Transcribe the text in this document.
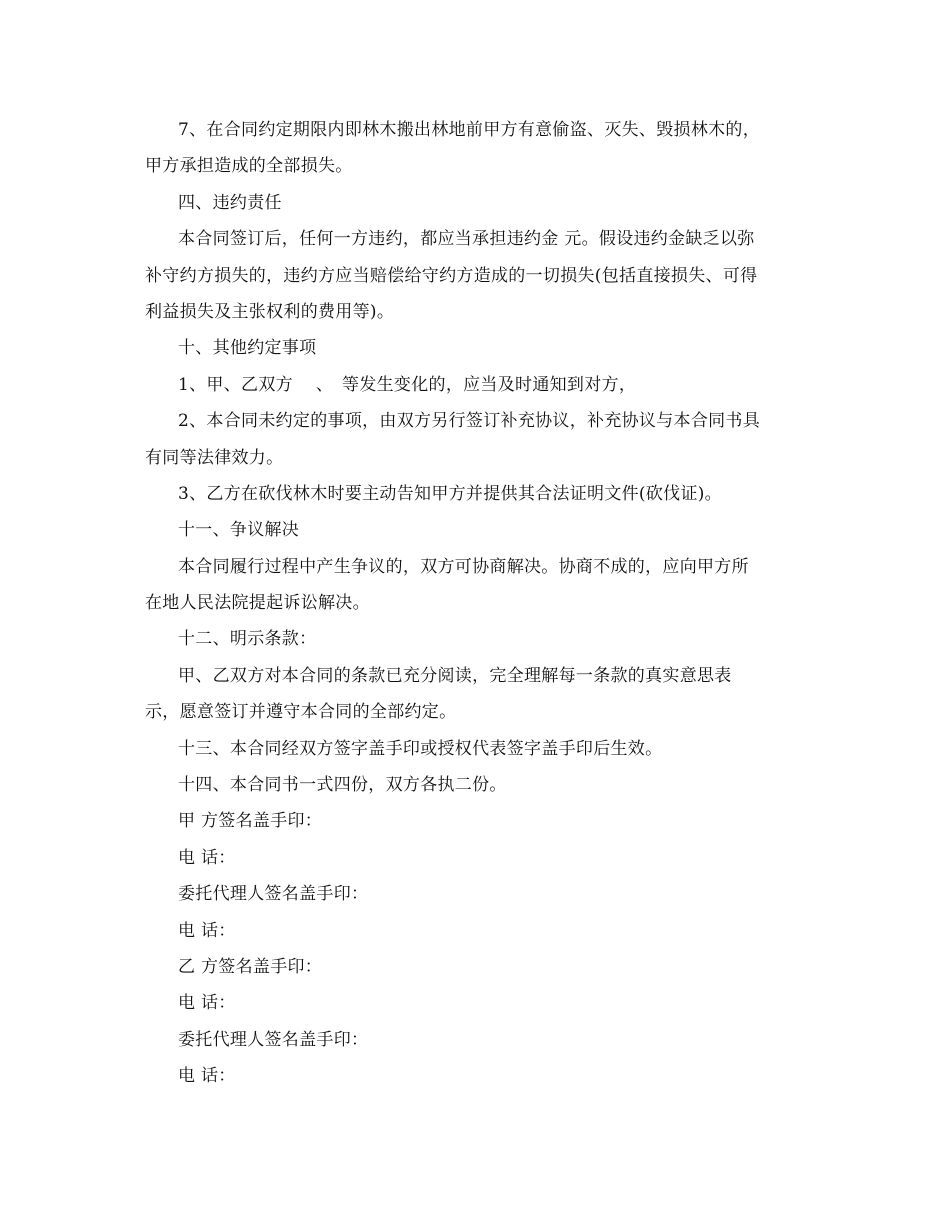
7、在合同约定期限内即林木搬出林地前甲方有意偷盗、灭失、毁损林木的，
甲方承担造成的全部损失。
四、违约责任
本合同签订后，任何一方违约，都应当承担违约金 元。假设违约金缺乏以弥
补守约方损失的，违约方应当赔偿给守约方造成的一切损失(包括直接损失、可得
利益损失及主张权利的费用等)。
十、其他约定事项
1、甲、乙双方　 、　等发生变化的，应当及时通知到对方，
2、本合同未约定的事项，由双方另行签订补充协议，补充协议与本合同书具
有同等法律效力。
3、乙方在砍伐林木时要主动告知甲方并提供其合法证明文件(砍伐证)。
十一、争议解决
本合同履行过程中产生争议的，双方可协商解决。协商不成的，应向甲方所
在地人民法院提起诉讼解决。
十二、明示条款：
甲、乙双方对本合同的条款已充分阅读，完全理解每一条款的真实意思表
示，愿意签订并遵守本合同的全部约定。
十三、本合同经双方签字盖手印或授权代表签字盖手印后生效。
十四、本合同书一式四份，双方各执二份。
甲 方签名盖手印：
电 话：
委托代理人签名盖手印：
电 话：
乙 方签名盖手印：
电 话：
委托代理人签名盖手印：
电 话：
